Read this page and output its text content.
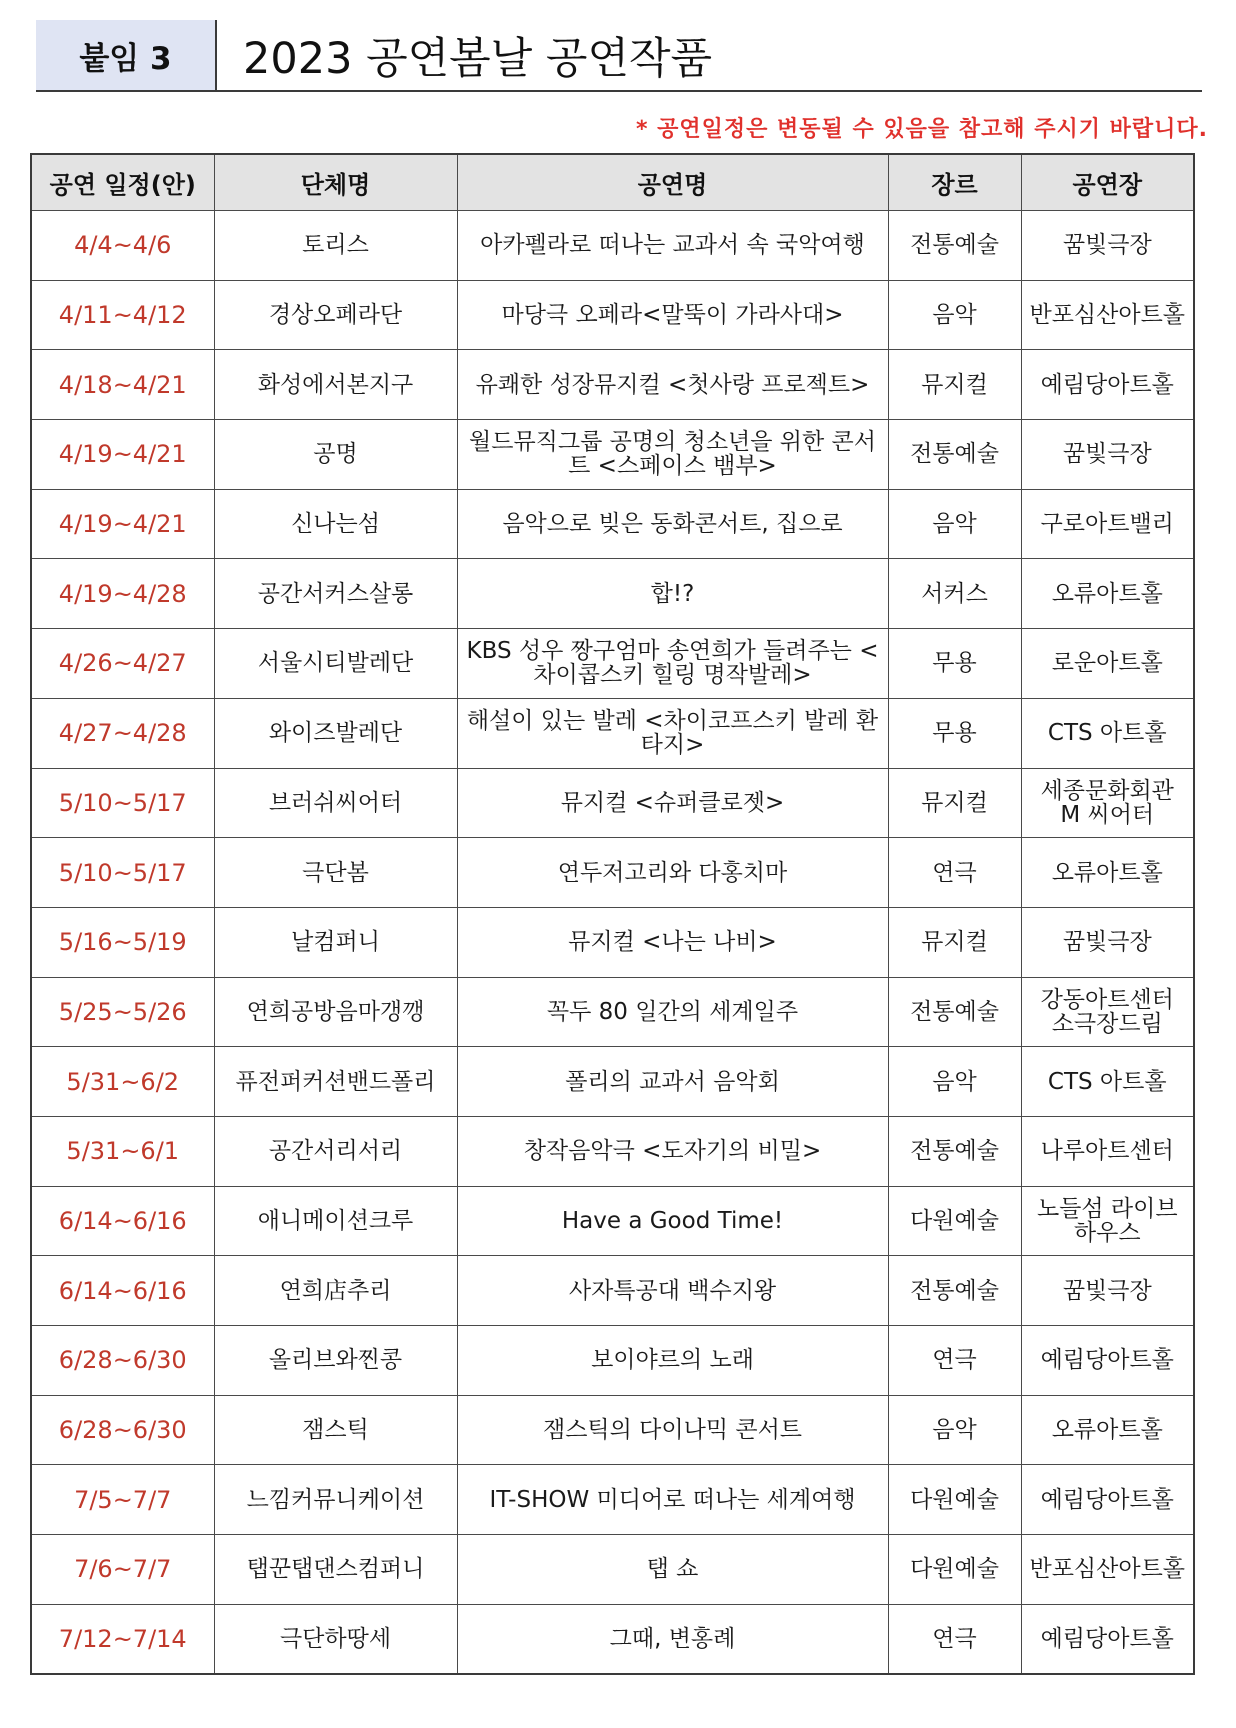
붙임 3	2023 공연봄날 공연작품
* 공연일정은 변동될 수 있음을 참고해 주시기 바랍니다.
공연 일정(안)	단체명	공연명	장르	공연장
4/4~4/6	토리스	아카펠라로 떠나는 교과서 속 국악여행	전통예술	꿈빛극장
4/11~4/12	경상오페라단	마당극 오페라<말뚝이 가라사대>	음악	반포심산아트홀
4/18~4/21	화성에서본지구	유쾌한 성장뮤지컬 <첫사랑 프로젝트>	뮤지컬	예림당아트홀
4/19~4/21	공명	월드뮤직그룹 공명의 청소년을 위한 콘서트 <스페이스 뱀부>	전통예술	꿈빛극장
4/19~4/21	신나는섬	음악으로 빚은 동화콘서트, 집으로	음악	구로아트밸리
4/19~4/28	공간서커스살롱	합!?	서커스	오류아트홀
4/26~4/27	서울시티발레단	KBS 성우 짱구엄마 송연희가 들려주는 <차이콥스키 힐링 명작발레>	무용	로운아트홀
4/27~4/28	와이즈발레단	해설이 있는 발레 <차이코프스키 발레 환타지>	무용	CTS 아트홀
5/10~5/17	브러쉬씨어터	뮤지컬 <슈퍼클로젯>	뮤지컬	세종문화회관 M 씨어터
5/10~5/17	극단봄	연두저고리와 다홍치마	연극	오류아트홀
5/16~5/19	날컴퍼니	뮤지컬 <나는 나비>	뮤지컬	꿈빛극장
5/25~5/26	연희공방음마갱깽	꼭두 80 일간의 세계일주	전통예술	강동아트센터 소극장드림
5/31~6/2	퓨전퍼커션밴드폴리	폴리의 교과서 음악회	음악	CTS 아트홀
5/31~6/1	공간서리서리	창작음악극 <도자기의 비밀>	전통예술	나루아트센터
6/14~6/16	애니메이션크루	Have a Good Time!	다원예술	노들섬 라이브하우스
6/14~6/16	연희店추리	사자특공대 백수지왕	전통예술	꿈빛극장
6/28~6/30	올리브와찐콩	보이야르의 노래	연극	예림당아트홀
6/28~6/30	잼스틱	잼스틱의 다이나믹 콘서트	음악	오류아트홀
7/5~7/7	느낌커뮤니케이션	IT-SHOW 미디어로 떠나는 세계여행	다원예술	예림당아트홀
7/6~7/7	탭꾼탭댄스컴퍼니	탭 쇼	다원예술	반포심산아트홀
7/12~7/14	극단하땅세	그때, 변홍례	연극	예림당아트홀
